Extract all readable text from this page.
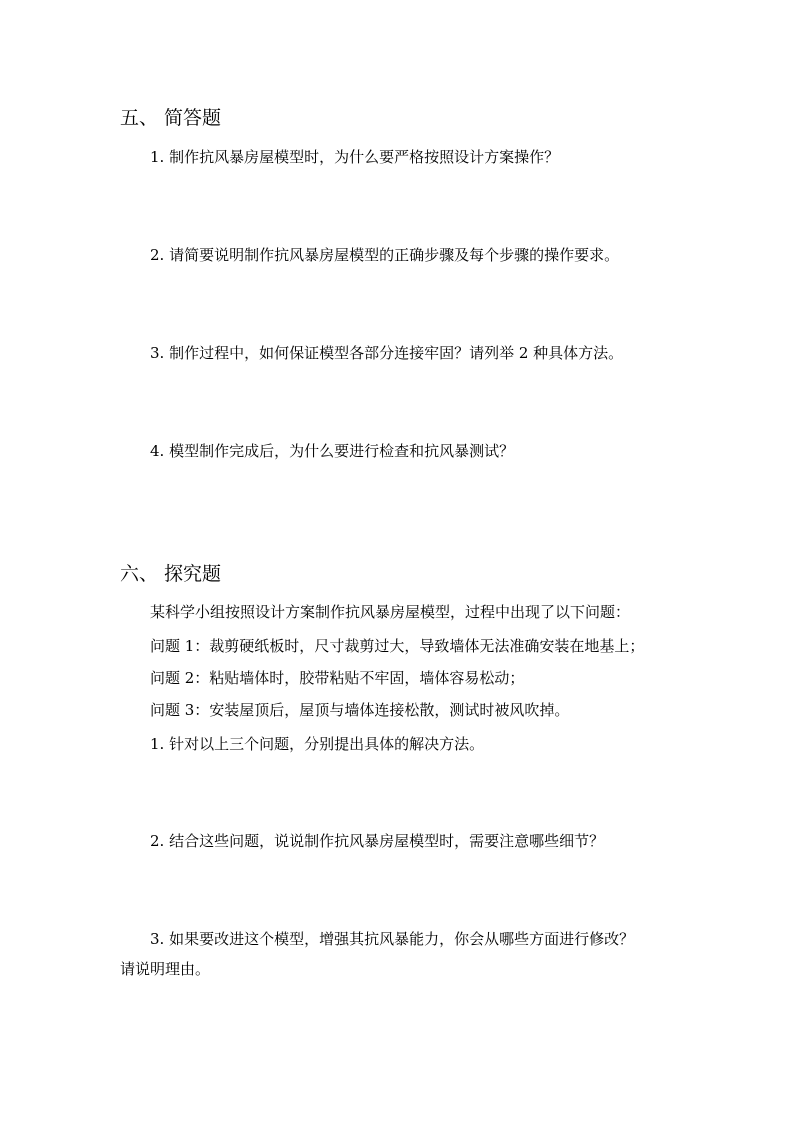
五、 简答题

1. 制作抗风暴房屋模型时，为什么要严格按照设计方案操作？

2. 请简要说明制作抗风暴房屋模型的正确步骤及每个步骤的操作要求。

3. 制作过程中，如何保证模型各部分连接牢固？请列举 2 种具体方法。

4. 模型制作完成后，为什么要进行检查和抗风暴测试？

六、 探究题

某科学小组按照设计方案制作抗风暴房屋模型，过程中出现了以下问题：

问题 1：裁剪硬纸板时，尺寸裁剪过大，导致墙体无法准确安装在地基上；

问题 2：粘贴墙体时，胶带粘贴不牢固，墙体容易松动；

问题 3：安装屋顶后，屋顶与墙体连接松散，测试时被风吹掉。

1. 针对以上三个问题，分别提出具体的解决方法。

2. 结合这些问题，说说制作抗风暴房屋模型时，需要注意哪些细节？

3. 如果要改进这个模型，增强其抗风暴能力，你会从哪些方面进行修改？

请说明理由。
